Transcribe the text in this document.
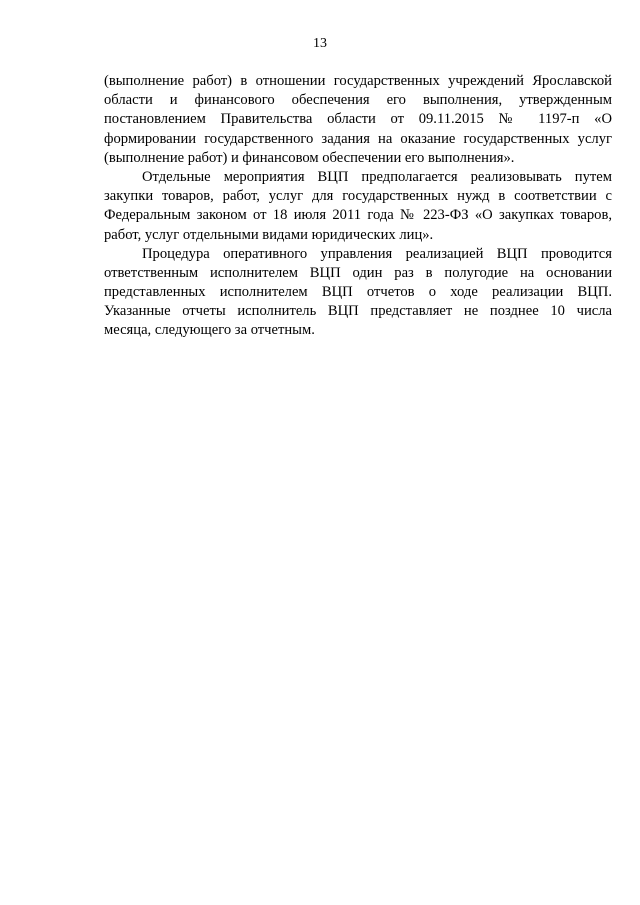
13
(выполнение работ) в отношении государственных учреждений Ярославской
области и финансового обеспечения его выполнения, утвержденным
постановлением Правительства области от 09.11.2015 № 1197-п «О
формировании государственного задания на оказание государственных услуг
(выполнение работ) и финансовом обеспечении его выполнения».
Отдельные мероприятия ВЦП предполагается реализовывать путем
закупки товаров, работ, услуг для государственных нужд в соответствии с
Федеральным законом от 18 июля 2011 года № 223-ФЗ «О закупках товаров,
работ, услуг отдельными видами юридических лиц».
Процедура оперативного управления реализацией ВЦП проводится
ответственным исполнителем ВЦП один раз в полугодие на основании
представленных исполнителем ВЦП отчетов о ходе реализации ВЦП.
Указанные отчеты исполнитель ВЦП представляет не позднее 10 числа
месяца, следующего за отчетным.
